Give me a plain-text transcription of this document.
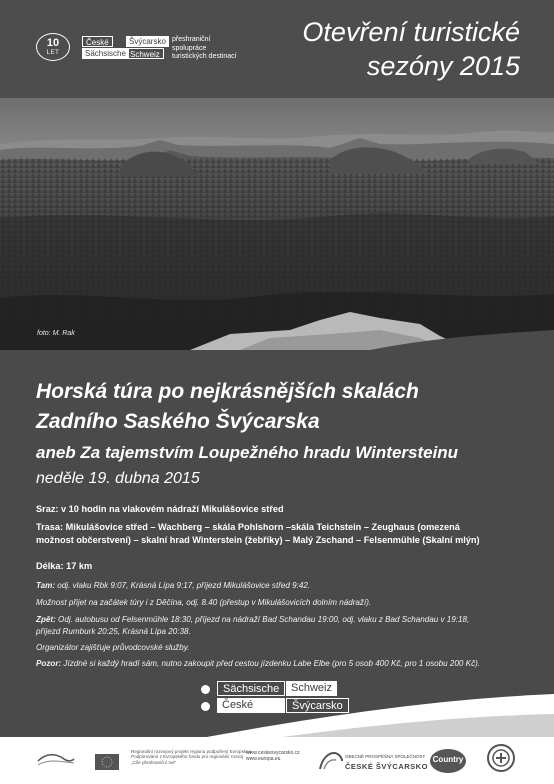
10
LET
České	Švýcarsko
Sächsische Schweiz
přeshraniční
spolupráce
turistických destinací
Otevření turistické
sezóny 2015
foto: M. Rak
Horská túra po nejkrásnějších skalách
Zadního Saského Švýcarska
aneb Za tajemstvím Loupežného hradu Wintersteinu
neděle 19. dubna 2015
Sraz: v 10 hodin na vlakovém nádraží Mikulášovice střed
Trasa: Mikulášovice střed – Wachberg – skála Pohlshorn –skála Teichstein – Zeughaus (omezená
možnost občerstvení) – skalní hrad Winterstein (žebříky) – Malý Zschand – Felsenmühle (Skalní mlýn)
Délka: 17 km
Tam: odj. vlaku Rbk 9:07, Krásná Lípa 9:17, příjezd Mikulášovice střed 9:42.
Možnost přijet na začátek túry i z Děčína, odj. 8.40 (přestup v Mikulášovicích dolním nádraží).
Zpět: Odj. autobusu od Felsenmühle 18:30, příjezd na nádraží Bad Schandau 19:00, odj. vlaku z Bad Schandau v 19:18,
příjezd Rumburk 20:25, Krásná Lípa 20:38.
Organizátor zajišťuje průvodcovské služby.
Pozor: Jízdné si každý hradí sám, nutno zakoupit před cestou jízdenku Labe Elbe (pro 5 osob 400 Kč, pro 1 osobu 200 Kč).
Sächsische	Schweiz
České	Švýcarsko
Regionální rozvojový projekt regionu podpořený Evropskou
Podporováno z Evropského fondu pro regionální rozvoj
„Cíle přeshraniční tvé“
www.ceskesvycarsko.cz
www.europa.eu	OBECNĚ PROSPĚŠNÁ SPOLEČNOST
ČESKÉ ŠVÝCARSKO
Country
